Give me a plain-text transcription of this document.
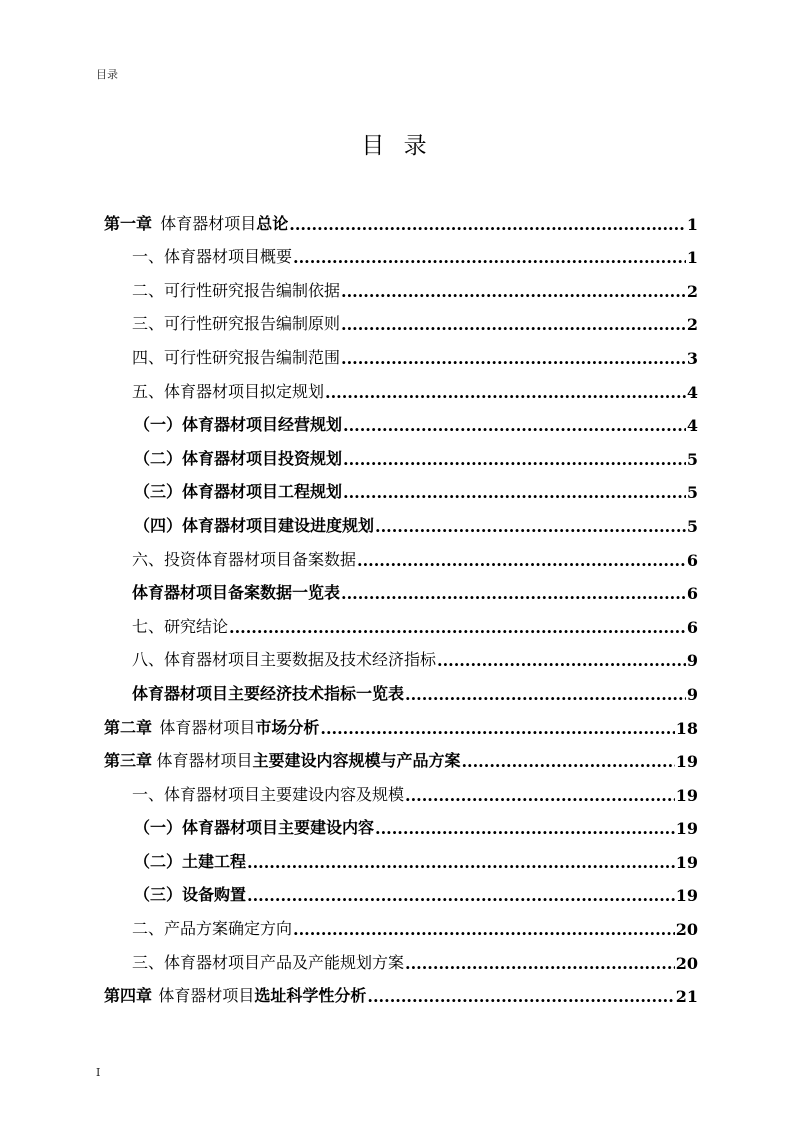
目录
目 录
第一章 体育器材项目 总论 .....	1
一、体育器材项目概要 .....	1
二、可行性研究报告编制依据 .....	2
三、可行性研究报告编制原则 .....	2
四、可行性研究报告编制范围 .....	3
五、体育器材项目拟定规划 .....	4
（一）体育器材项目经营规划 .....	4
（二）体育器材项目投资规划 .....	5
（三）体育器材项目工程规划 .....	5
（四）体育器材项目建设进度规划 .....	5
六、投资体育器材项目备案数据 .....	6
体育器材项目备案数据一览表 .....	6
七、研究结论 .....	6
八、体育器材项目主要数据及技术经济指标 .....	9
体育器材项目主要经济技术指标一览表 .....	9
第二章 体育器材项目 市场分析 .....	18
第三章 体育器材项目 主要建设内容规模与产品方案 .....	19
一、体育器材项目主要建设内容及规模 .....	19
（一）体育器材项目主要建设内容 .....	19
（二）土建工程 .....	19
（三）设备购置 .....	19
二、产品方案确定方向 .....	20
三、体育器材项目产品及产能规划方案 .....	20
第四章 体育器材项目 选址科学性分析 .....	21
I
